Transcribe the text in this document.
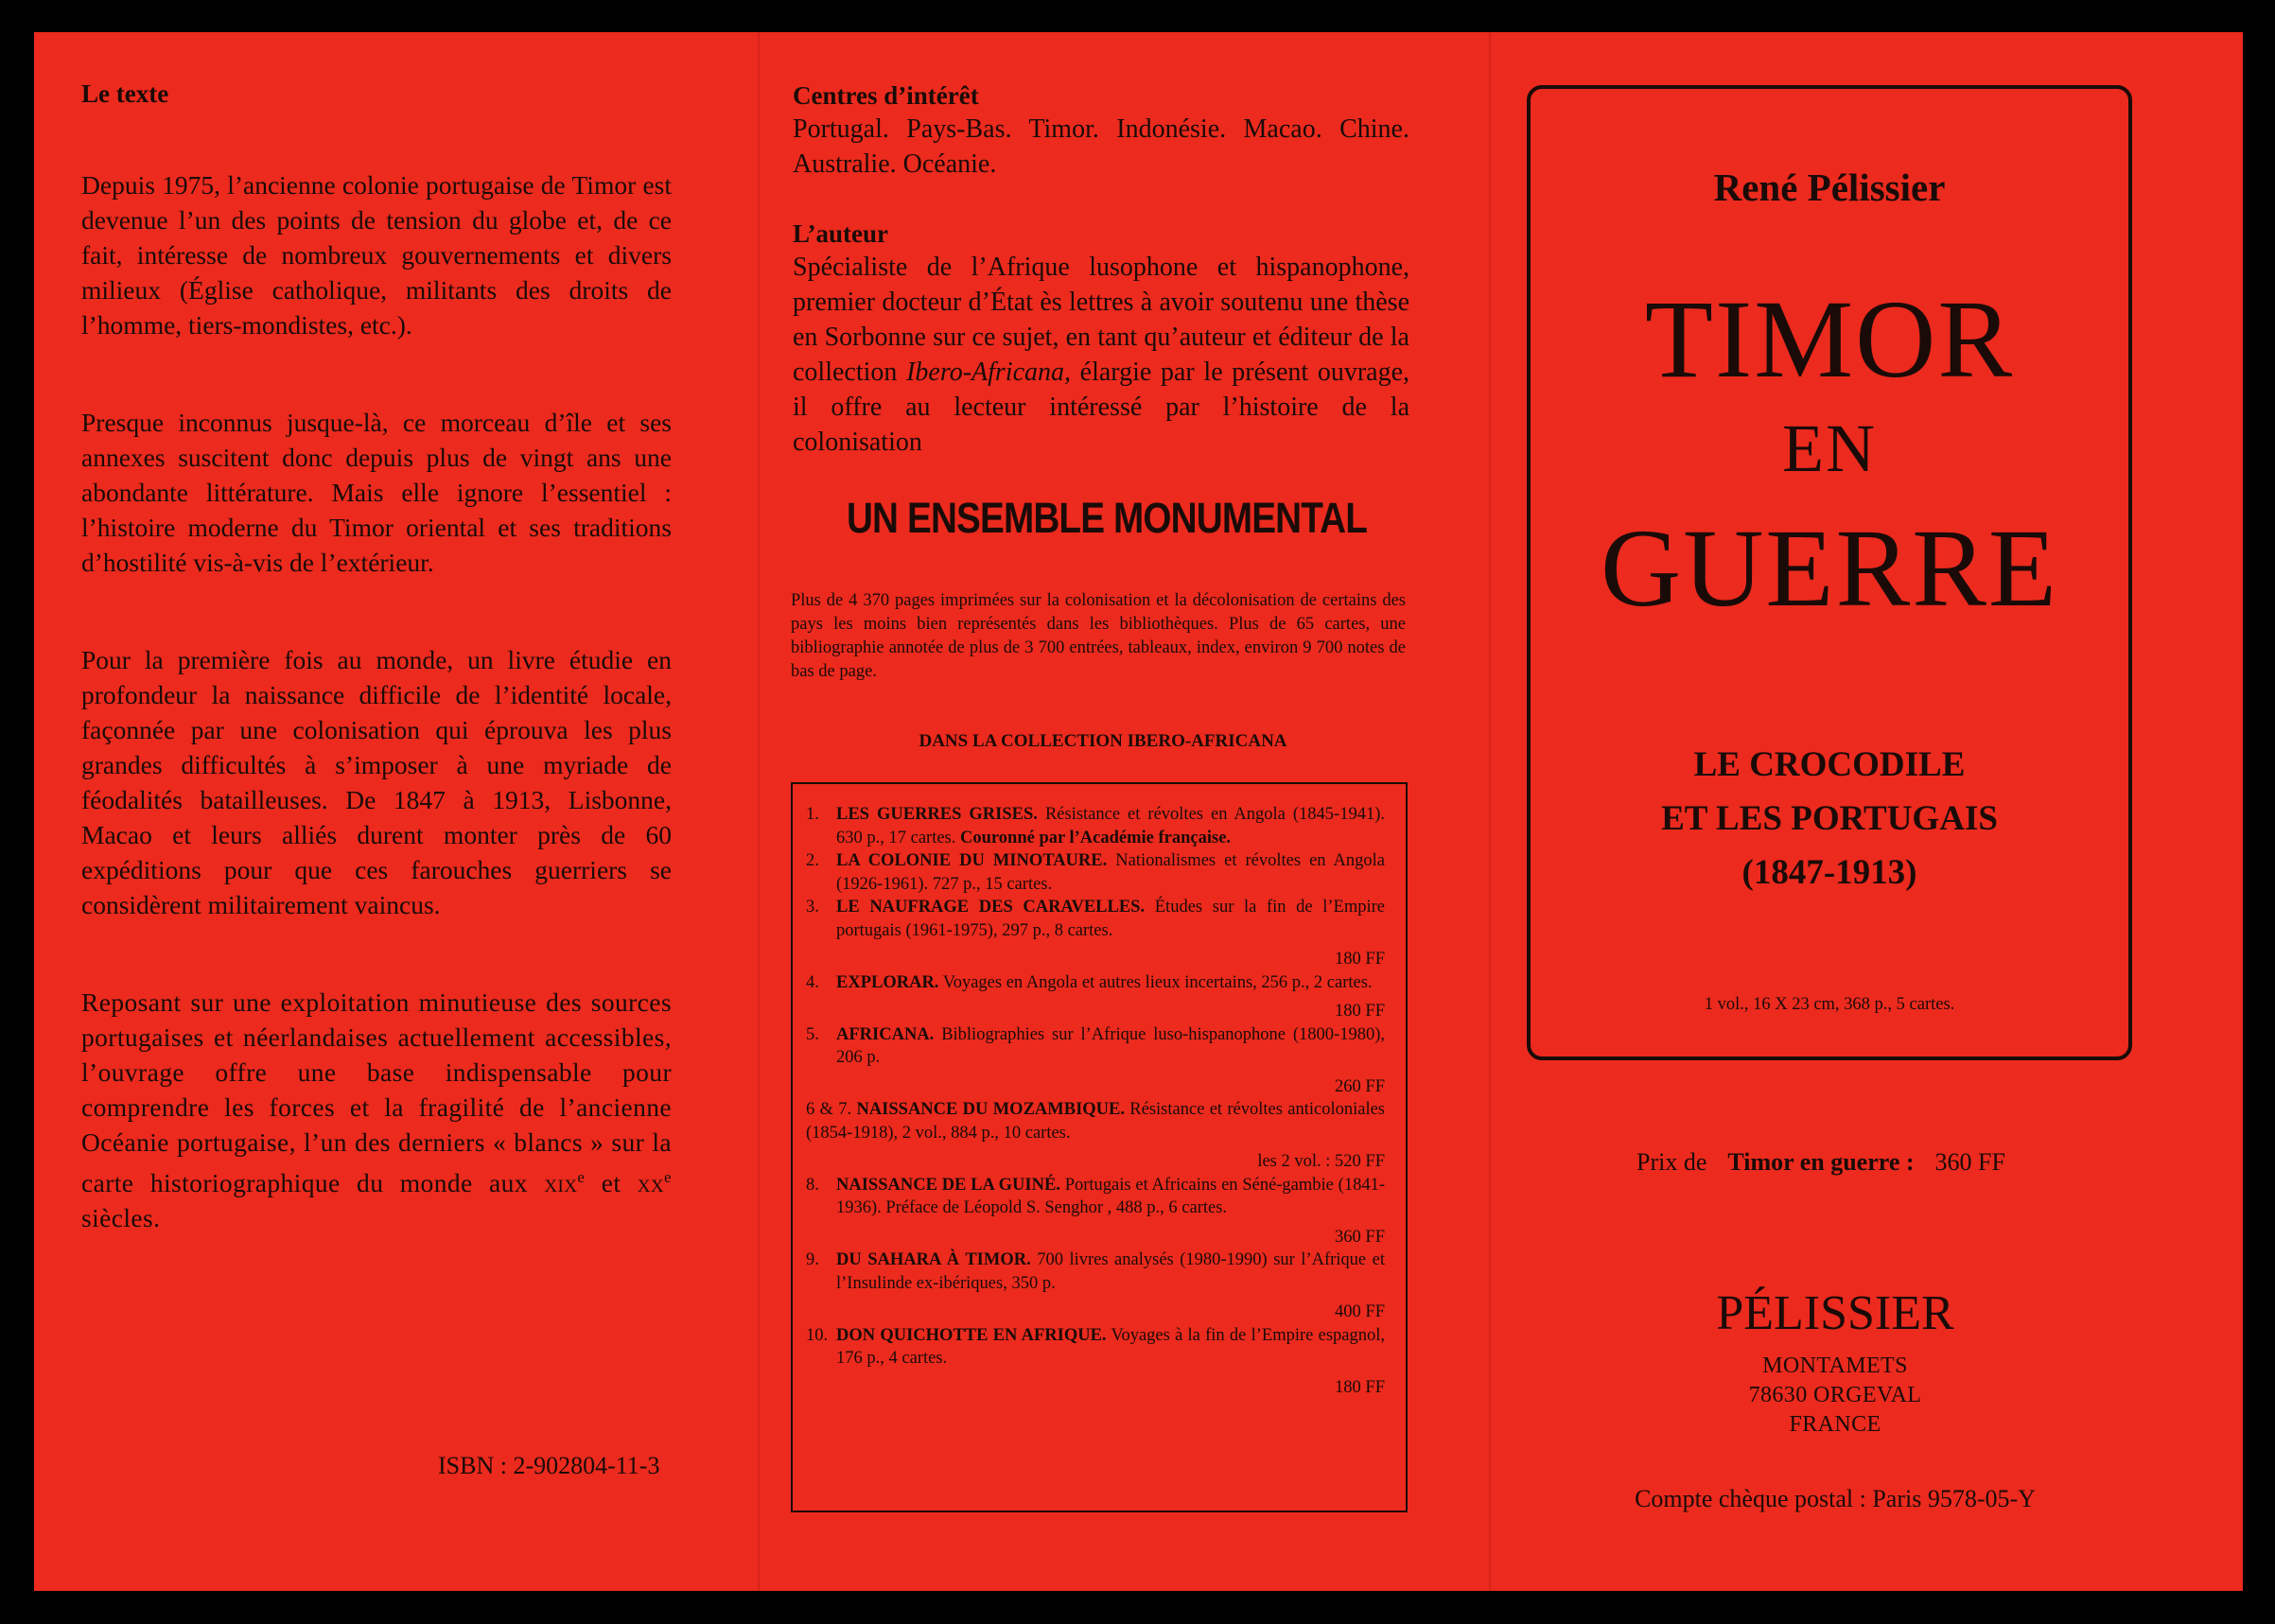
Le texte

Depuis 1975, l’ancienne colonie portugaise de Timor est devenue l’un des points de tension du globe et, de ce fait, intéresse de nombreux gouvernements et divers milieux (Église catholique, militants des droits de l’homme, tiers-mondistes, etc.).

Presque inconnus jusque-là, ce morceau d’île et ses annexes suscitent donc depuis plus de vingt ans une abondante littérature. Mais elle ignore l’essentiel : l’histoire moderne du Timor oriental et ses traditions d’hostilité vis-à-vis de l’extérieur.

Pour la première fois au monde, un livre étudie en profondeur la naissance difficile de l’identité locale, façonnée par une colonisation qui éprouva les plus grandes difficultés à s’imposer à une myriade de féodalités batailleuses. De 1847 à 1913, Lisbonne, Macao et leurs alliés durent monter près de 60 expéditions pour que ces farouches guerriers se considèrent militairement vaincus.

Reposant sur une exploitation minutieuse des sources portugaises et néerlandaises actuellement accessibles, l’ouvrage offre une base indispensable pour comprendre les forces et la fragilité de l’ancienne Océanie portugaise, l’un des derniers « blancs » sur la carte historiographique du monde aux xix$^e$ et $xx^e$ siècles.

ISBN : 2-902804-11-3
Centres d’intérêt
Portugal. Pays-Bas. Timor. Indonésie. Macao. Chine. Australie. Océanie.
L’auteur
Spécialiste de l’Afrique lusophone et hispanophone, premier docteur d’État ès lettres à avoir soutenu une thèse en Sorbonne sur ce sujet, en tant qu’auteur et éditeur de la collection Ibero-Africana, élargie par le présent ouvrage, il offre au lecteur intéressé par l’histoire de la colonisation
UN ENSEMBLE MONUMENTAL
Plus de 4 370 pages imprimées sur la colonisation et la décolonisation de certains des pays les moins bien représentés dans les bibliothèques. Plus de 65 cartes, une bibliographie annotée de plus de 3 700 entrées, tableaux, index, environ 9 700 notes de bas de page.
DANS LA COLLECTION IBERO-AFRICANA
1. LES GUERRES GRISES. Résistance et révoltes en Angola (1845-1941). 630 p., 17 cartes. Couronné par l’Académie française.
2. LA COLONIE DU MINOTAURE. Nationalismes et révoltes en Angola (1926-1961). 727 p., 15 cartes.
3. LE NAUFRAGE DES CARAVELLES. Études sur la fin de l’Empire portugais (1961-1975), 297 p., 8 cartes.
180 FF
4. EXPLORAR. Voyages en Angola et autres lieux incertains, 256 p., 2 cartes.
180 FF
5. AFRICANA. Bibliographies sur l’Afrique luso-hispanophone (1800-1980), 206 p.
260 FF
6 & 7. NAISSANCE DU MOZAMBIQUE. Résistance et révoltes anticoloniales (1854-1918), 2 vol., 884 p., 10 cartes.
les 2 vol. : 520 FF
8. NAISSANCE DE LA GUINÉ. Portugais et Africains en Séné-gambie (1841-1936). Préface de Léopold S. Senghor , 488 p., 6 cartes.
360 FF
9. DU SAHARA À TIMOR. 700 livres analysés (1980-1990) sur l’Afrique et l’Insulinde ex-ibériques, 350 p.
400 FF
10. DON QUICHOTTE EN AFRIQUE. Voyages à la fin de l’Empire espagnol, 176 p., 4 cartes.
180 FF
René Pélissier
TIMOR
EN
GUERRE
LE CROCODILE
ET LES PORTUGAIS
(1847-1913)
1 vol., 16 X 23 cm, 368 p., 5 cartes.
Prix de Timor en guerre : 360 FF
PÉLISSIER
MONTAMETS
78630 ORGEVAL
FRANCE
Compte chèque postal : Paris 9578-05-Y
